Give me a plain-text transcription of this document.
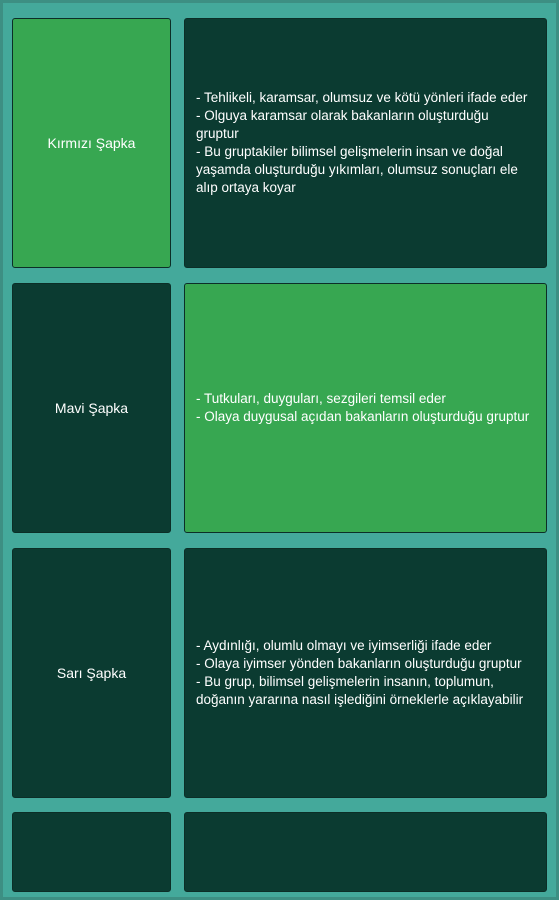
Kırmızı Şapka
- Tehlikeli, karamsar, olumsuz ve kötü yönleri ifade eder
- Olguya karamsar olarak bakanların oluşturduğu gruptur
- Bu gruptakiler bilimsel gelişmelerin insan ve doğal yaşamda oluşturduğu yıkımları, olumsuz sonuçları ele alıp ortaya koyar
Mavi Şapka
- Tutkuları, duyguları, sezgileri temsil eder
- Olaya duygusal açıdan bakanların oluşturduğu gruptur
Sarı Şapka
- Aydınlığı, olumlu olmayı ve iyimserliği ifade eder
- Olaya iyimser yönden bakanların oluşturduğu gruptur
- Bu grup, bilimsel gelişmelerin insanın, toplumun, doğanın yararına nasıl işlediğini örneklerle açıklayabilir
